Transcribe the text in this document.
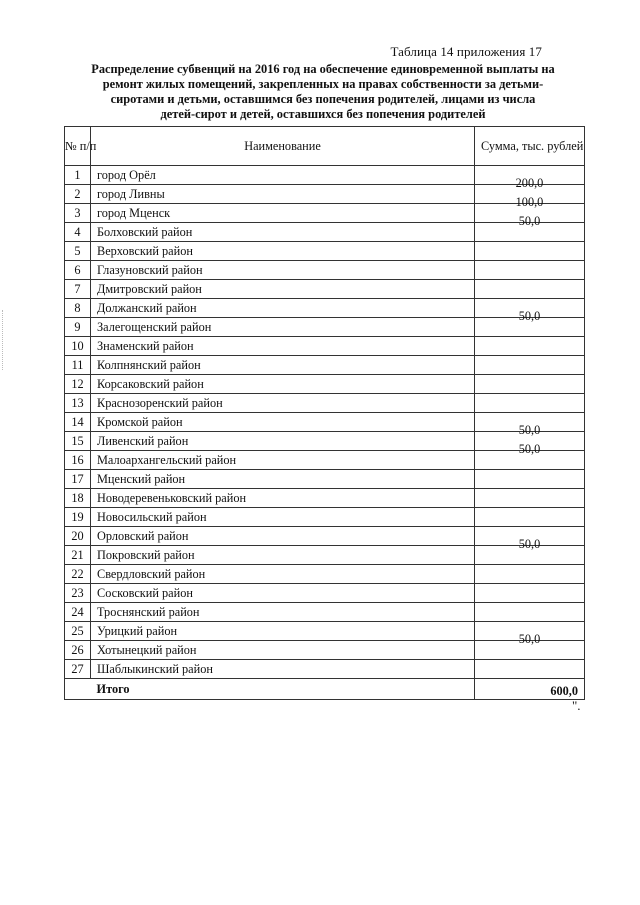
Таблица 14 приложения 17
Распределение субвенций на 2016 год на обеспечение единовременной выплаты на
ремонт жилых помещений, закрепленных на правах собственности за детьми-
сиротами и детьми, оставшимся без попечения родителей, лицами из числа
детей-сирот и детей, оставшихся без попечения родителей
№ п/п	Наименование	Сумма, тыс. рублей
1	город Орёл	200,0
2	город Ливны	100,0
3	город Мценск	50,0
4	Болховский район	
5	Верховский район	
6	Глазуновский район	
7	Дмитровский район	
8	Должанский район	50,0
9	Залегощенский район	
10	Знаменский район	
11	Колпнянский район	
12	Корсаковский район	
13	Краснозоренский район	
14	Кромской район	50,0
15	Ливенский район	50,0
16	Малоархангельский район	
17	Мценский район	
18	Новодеревеньковский район	
19	Новосильский район	
20	Орловский район	50,0
21	Покровский район	
22	Свердловский район	
23	Сосковский район	
24	Троснянский район	
25	Урицкий район	50,0
26	Хотынецкий район	
27	Шаблыкинский район	
	Итого	600,0
".
